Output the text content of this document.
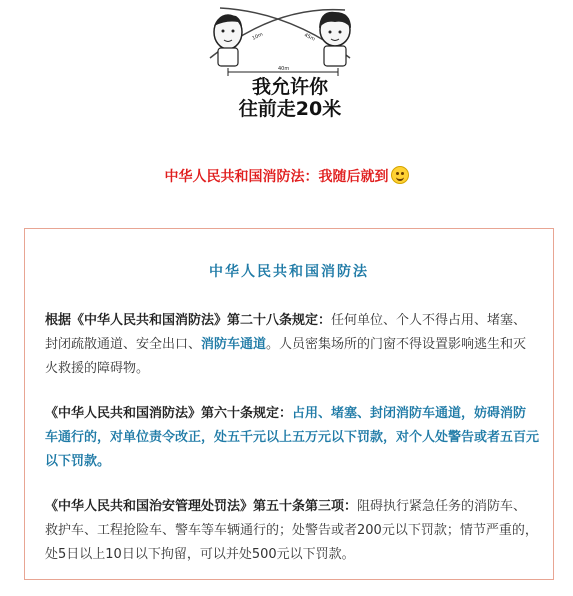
10m	45m
40m
我允许你
往前走20米
中华人民共和国消防法：我随后就到
中华人民共和国消防法

根据《中华人民共和国消防法》第二十八条规定：任何单位、个人不得占用、堵塞、封闭疏散通道、安全出口、消防车通道。人员密集场所的门窗不得设置影响逃生和灭火救援的障碍物。

《中华人民共和国消防法》第六十条规定：占用、堵塞、封闭消防车通道，妨碍消防车通行的，对单位责令改正，处五千元以上五万元以下罚款，对个人处警告或者五百元以下罚款。

《中华人民共和国治安管理处罚法》第五十条第三项：阻碍执行紧急任务的消防车、救护车、工程抢险车、警车等车辆通行的；处警告或者200元以下罚款；情节严重的，处5日以上10日以下拘留，可以并处500元以下罚款。
